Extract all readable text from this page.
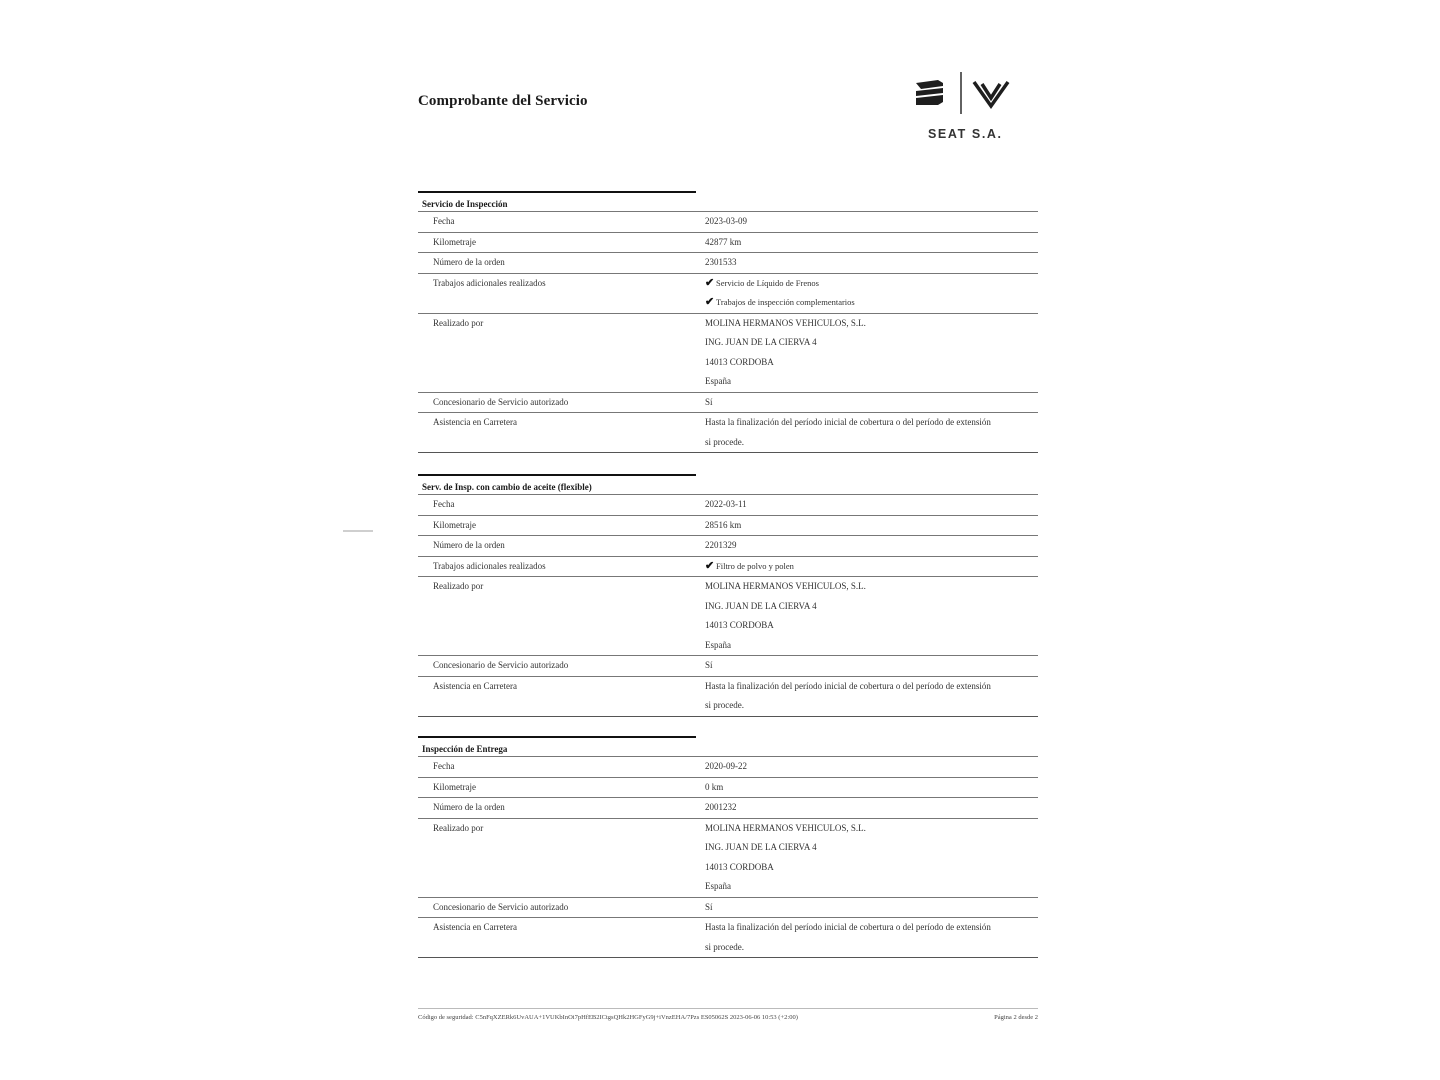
Comprobante del Servicio
SEAT S.A.
Servicio de Inspección
Fecha	2023-03-09
Kilometraje	42877 km
Número de la orden	2301533
Trabajos adicionales realizados	✔ Servicio de Líquido de Frenos
✔ Trabajos de inspección complementarios
Realizado por	MOLINA HERMANOS VEHICULOS, S.L.
ING. JUAN DE LA CIERVA 4
14013 CORDOBA
España
Concesionario de Servicio autorizado	Sí
Asistencia en Carretera	Hasta la finalización del período inicial de cobertura o del período de extensión
si procede.
Serv. de Insp. con cambio de aceite (flexible)
Fecha	2022-03-11
Kilometraje	28516 km
Número de la orden	2201329
Trabajos adicionales realizados	✔ Filtro de polvo y polen
Realizado por	MOLINA HERMANOS VEHICULOS, S.L.
ING. JUAN DE LA CIERVA 4
14013 CORDOBA
España
Concesionario de Servicio autorizado	Sí
Asistencia en Carretera	Hasta la finalización del período inicial de cobertura o del período de extensión
si procede.
Inspección de Entrega
Fecha	2020-09-22
Kilometraje	0 km
Número de la orden	2001232
Realizado por	MOLINA HERMANOS VEHICULOS, S.L.
ING. JUAN DE LA CIERVA 4
14013 CORDOBA
España
Concesionario de Servicio autorizado	Sí
Asistencia en Carretera	Hasta la finalización del período inicial de cobertura o del período de extensión
si procede.
Código de seguridad: C5nFqXZERk6UvAUA+1VUKbInOi7pHfEB2ICtgsQHk2HGFyG9j+iVnzEHA/7Pzs ES05062S 2023-06-06 10:53 (+2:00)	Página 2 desde 2
